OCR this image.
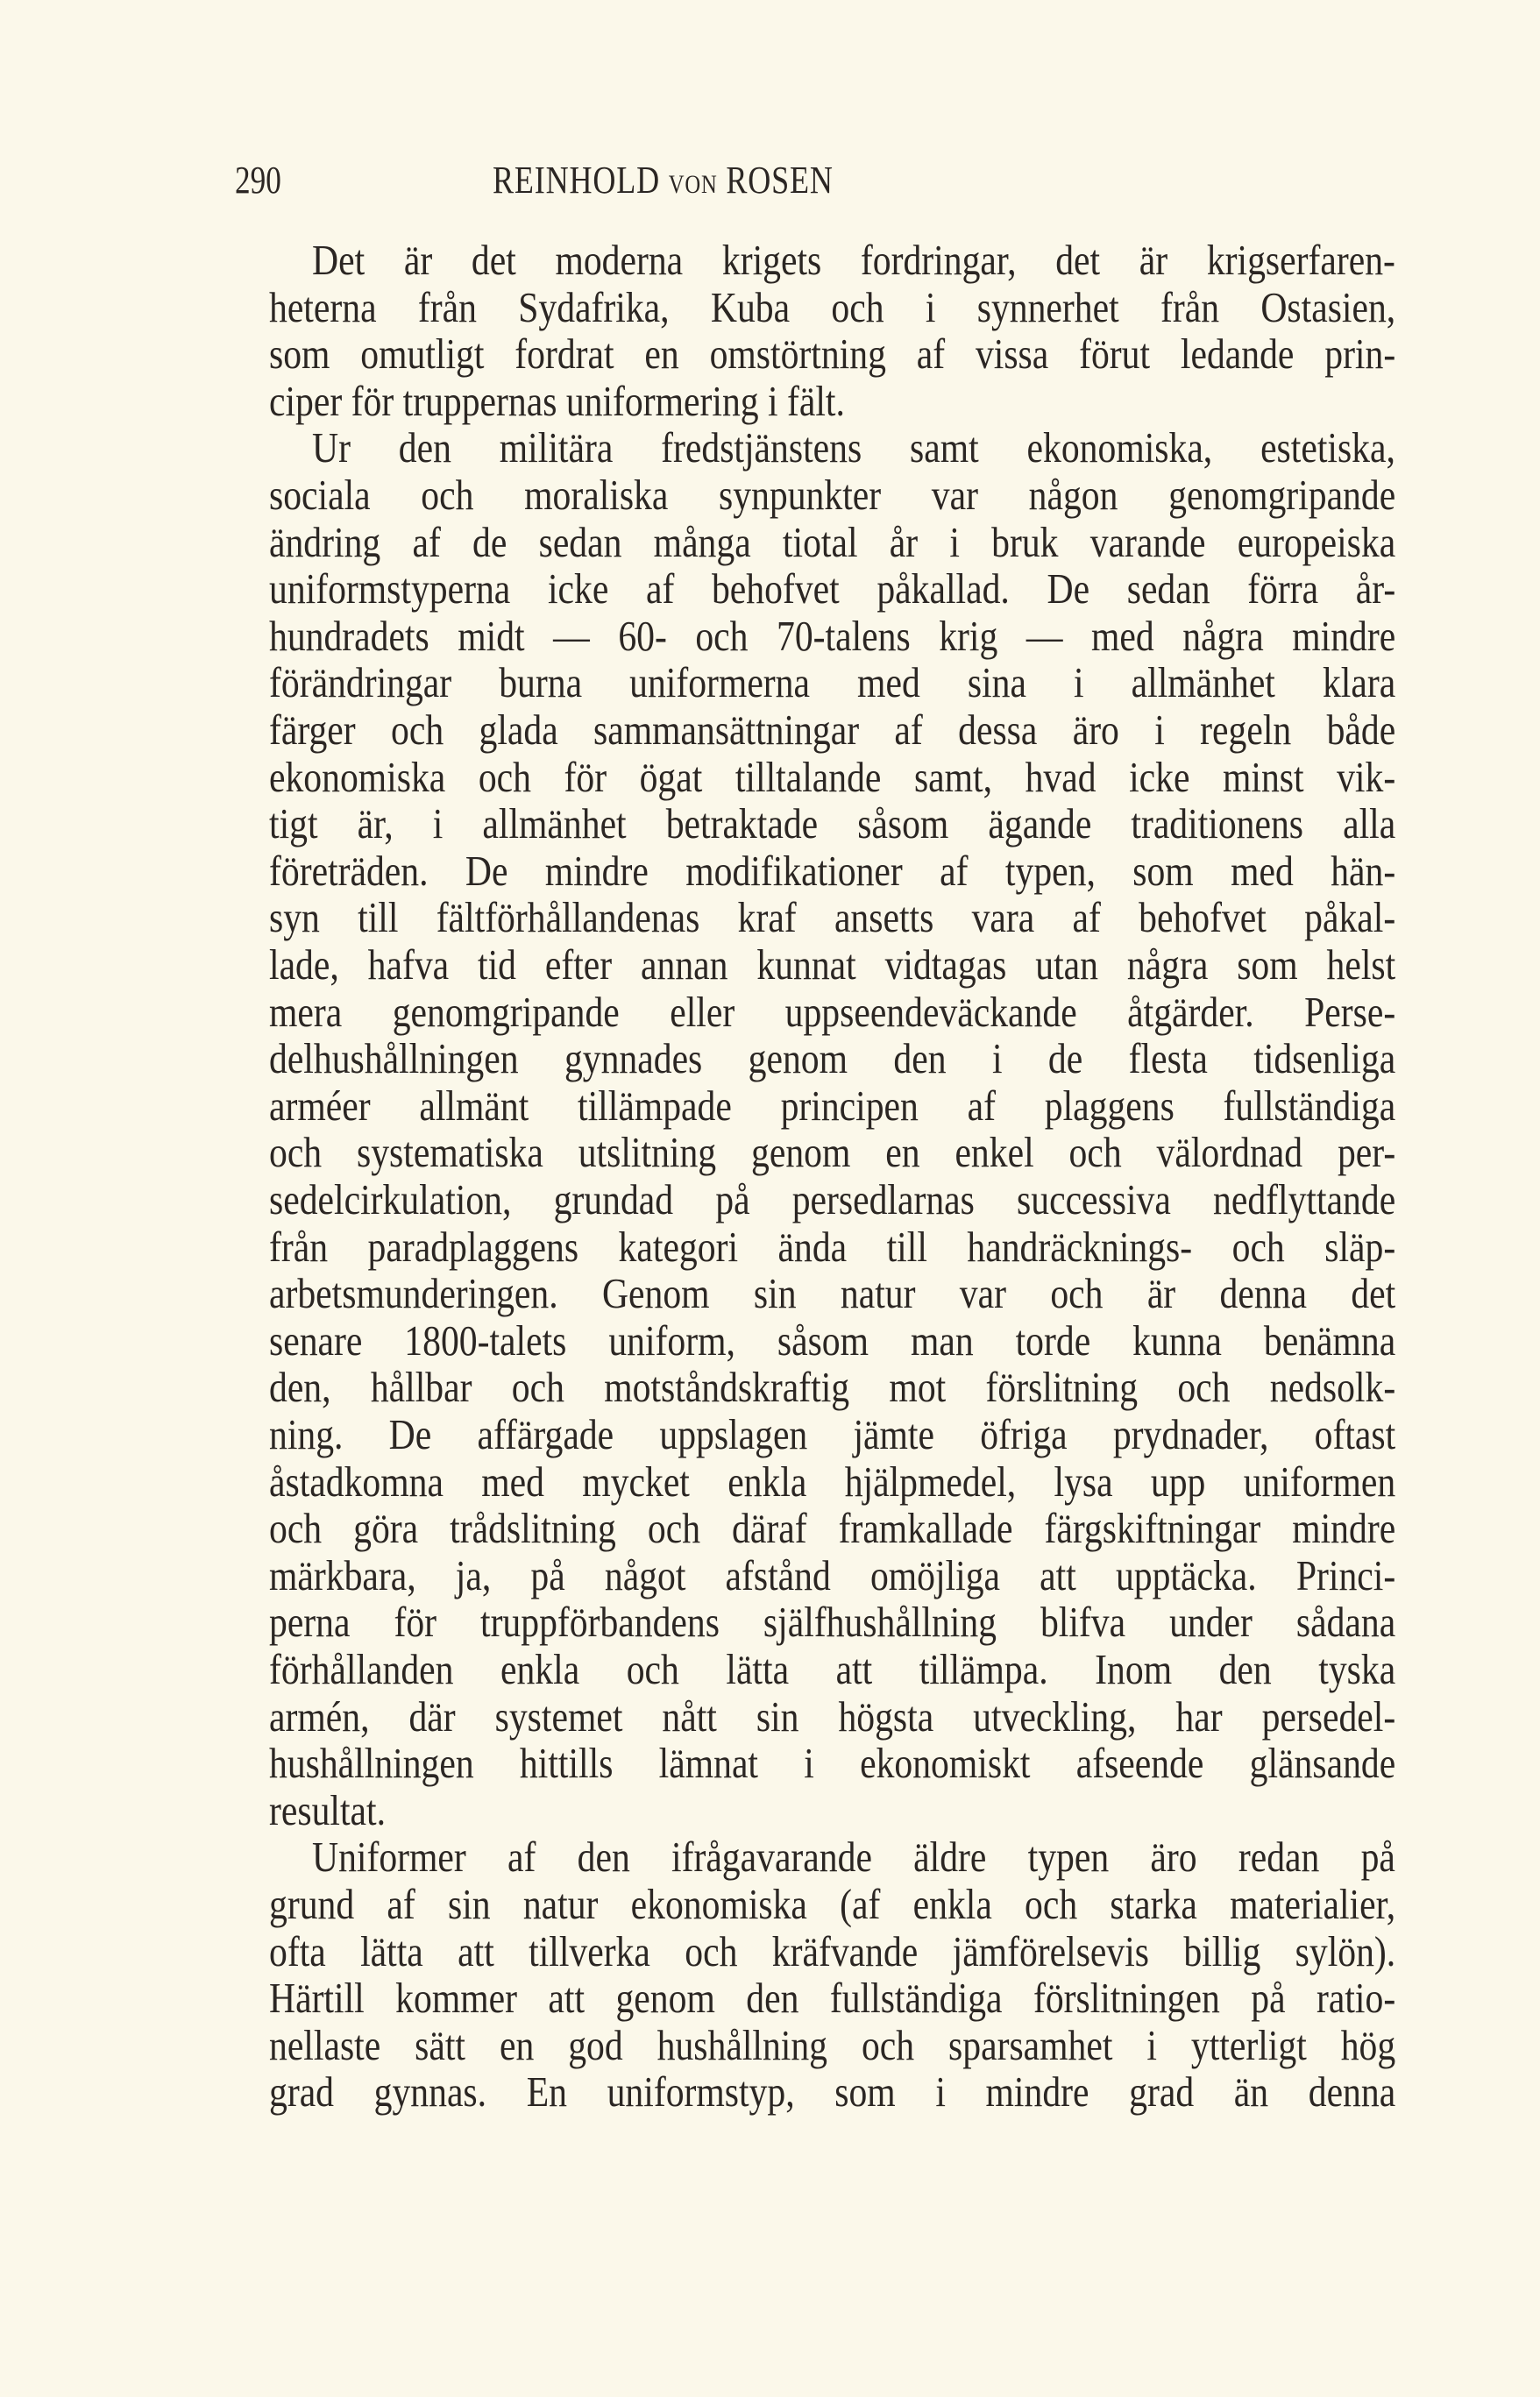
290	REINHOLD VON ROSEN
Det är det moderna krigets fordringar, det är krigserfaren-
heterna från Sydafrika, Kuba och i synnerhet från Ostasien,
som omutligt fordrat en omstörtning af vissa förut ledande prin-
ciper för truppernas uniformering i fält.
Ur den militära fredstjänstens samt ekonomiska, estetiska,
sociala och moraliska synpunkter var någon genomgripande
ändring af de sedan många tiotal år i bruk varande europeiska
uniformstyperna icke af behofvet påkallad. De sedan förra år-
hundradets midt — 60- och 70-talens krig — med några mindre
förändringar burna uniformerna med sina i allmänhet klara
färger och glada sammansättningar af dessa äro i regeln både
ekonomiska och för ögat tilltalande samt, hvad icke minst vik-
tigt är, i allmänhet betraktade såsom ägande traditionens alla
företräden. De mindre modifikationer af typen, som med hän-
syn till fältförhållandenas kraf ansetts vara af behofvet påkal-
lade, hafva tid efter annan kunnat vidtagas utan några som helst
mera genomgripande eller uppseendeväckande åtgärder. Perse-
delhushållningen gynnades genom den i de flesta tidsenliga
arméer allmänt tillämpade principen af plaggens fullständiga
och systematiska utslitning genom en enkel och välordnad per-
sedelcirkulation, grundad på persedlarnas successiva nedflyttande
från paradplaggens kategori ända till handräcknings- och släp-
arbetsmunderingen. Genom sin natur var och är denna det
senare 1800-talets uniform, såsom man torde kunna benämna
den, hållbar och motståndskraftig mot förslitning och nedsolk-
ning. De affärgade uppslagen jämte öfriga prydnader, oftast
åstadkomna med mycket enkla hjälpmedel, lysa upp uniformen
och göra trådslitning och däraf framkallade färgskiftningar mindre
märkbara, ja, på något afstånd omöjliga att upptäcka. Princi-
perna för truppförbandens själfhushållning blifva under sådana
förhållanden enkla och lätta att tillämpa. Inom den tyska
armén, där systemet nått sin högsta utveckling, har persedel-
hushållningen hittills lämnat i ekonomiskt afseende glänsande
resultat.
Uniformer af den ifrågavarande äldre typen äro redan på
grund af sin natur ekonomiska (af enkla och starka materialier,
ofta lätta att tillverka och kräfvande jämförelsevis billig sylön).
Härtill kommer att genom den fullständiga förslitningen på ratio-
nellaste sätt en god hushållning och sparsamhet i ytterligt hög
grad gynnas. En uniformstyp, som i mindre grad än denna
